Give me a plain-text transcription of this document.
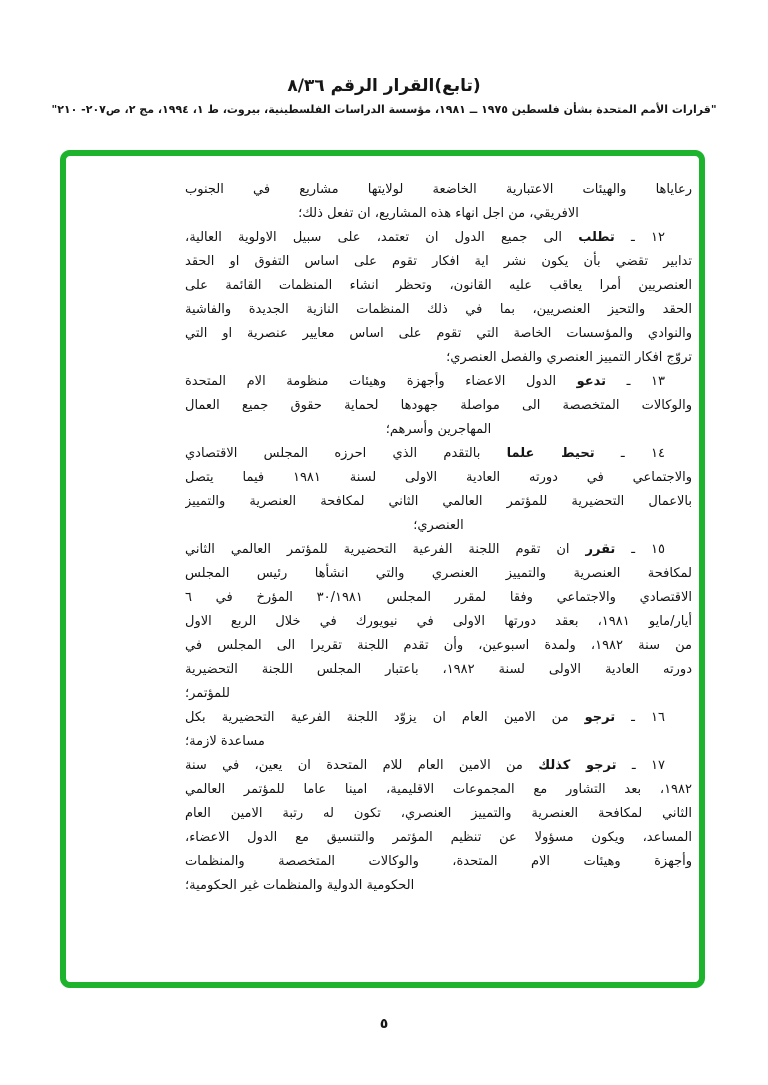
(تابع)القرار الرقم ٨/٣٦
"قرارات الأمم المتحدة بشأن فلسطين ١٩٧٥ ــ ١٩٨١، مؤسسة الدراسات الفلسطينية، بيروت، ط ١، ١٩٩٤، مج ٢، ص٢٠٧- ٢١٠"
رعاياها والهيئات الاعتبارية الخاضعة لولايتها مشاريع في الجنوب
الافريقي، من اجل انهاء هذه المشاريع، ان تفعل ذلك؛
١٢ ـ تطلب الى جميع الدول ان تعتمد، على سبيل الاولوية العالية،
تدابير تقضي بأن يكون نشر اية افكار تقوم على اساس التفوق او الحقد
العنصريين أمرا يعاقب عليه القانون، وتحظر انشاء المنظمات القائمة على
الحقد والتحيز العنصريين، بما في ذلك المنظمات النازية الجديدة والفاشية
والنوادي والمؤسسات الخاصة التي تقوم على اساس معايير عنصرية او التي
تروّج افكار التمييز العنصري والفصل العنصري؛
١٣ ـ تدعو الدول الاعضاء وأجهزة وهيئات منظومة الام المتحدة
والوكالات المتخصصة الى مواصلة جهودها لحماية حقوق جميع العمال
المهاجرين وأسرهم؛
١٤ ـ تحيط علما بالتقدم الذي احرزه المجلس الاقتصادي
والاجتماعي في دورته العادية الاولى لسنة ١٩٨١ فيما يتصل
بالاعمال التحضيرية للمؤتمر العالمي الثاني لمكافحة العنصرية والتمييز
العنصري؛
١٥ ـ تقرر ان تقوم اللجنة الفرعية التحضيرية للمؤتمر العالمي الثاني
لمكافحة العنصرية والتمييز العنصري والتي انشأها رئيس المجلس
الاقتصادي والاجتماعي وفقا لمقرر المجلس ٣٠/١٩٨١ المؤرخ في ٦
أيار/مايو ١٩٨١، بعقد دورتها الاولى في نيويورك في خلال الربع الاول
من سنة ١٩٨٢، ولمدة اسبوعين، وأن تقدم اللجنة تقريرا الى المجلس في
دورته العادية الاولى لسنة ١٩٨٢، باعتبار المجلس اللجنة التحضيرية
للمؤتمر؛
١٦ ـ ترجو من الامين العام ان يزوّد اللجنة الفرعية التحضيرية بكل
مساعدة لازمة؛
١٧ ـ ترجو كذلك من الامين العام للام المتحدة ان يعين، في سنة
١٩٨٢، بعد التشاور مع المجموعات الاقليمية، امينا عاما للمؤتمر العالمي
الثاني لمكافحة العنصرية والتمييز العنصري، تكون له رتبة الامين العام
المساعد، ويكون مسؤولا عن تنظيم المؤتمر والتنسيق مع الدول الاعضاء،
وأجهزة وهيئات الام المتحدة، والوكالات المتخصصة والمنظمات
الحكومية الدولية والمنظمات غير الحكومية؛
٥
